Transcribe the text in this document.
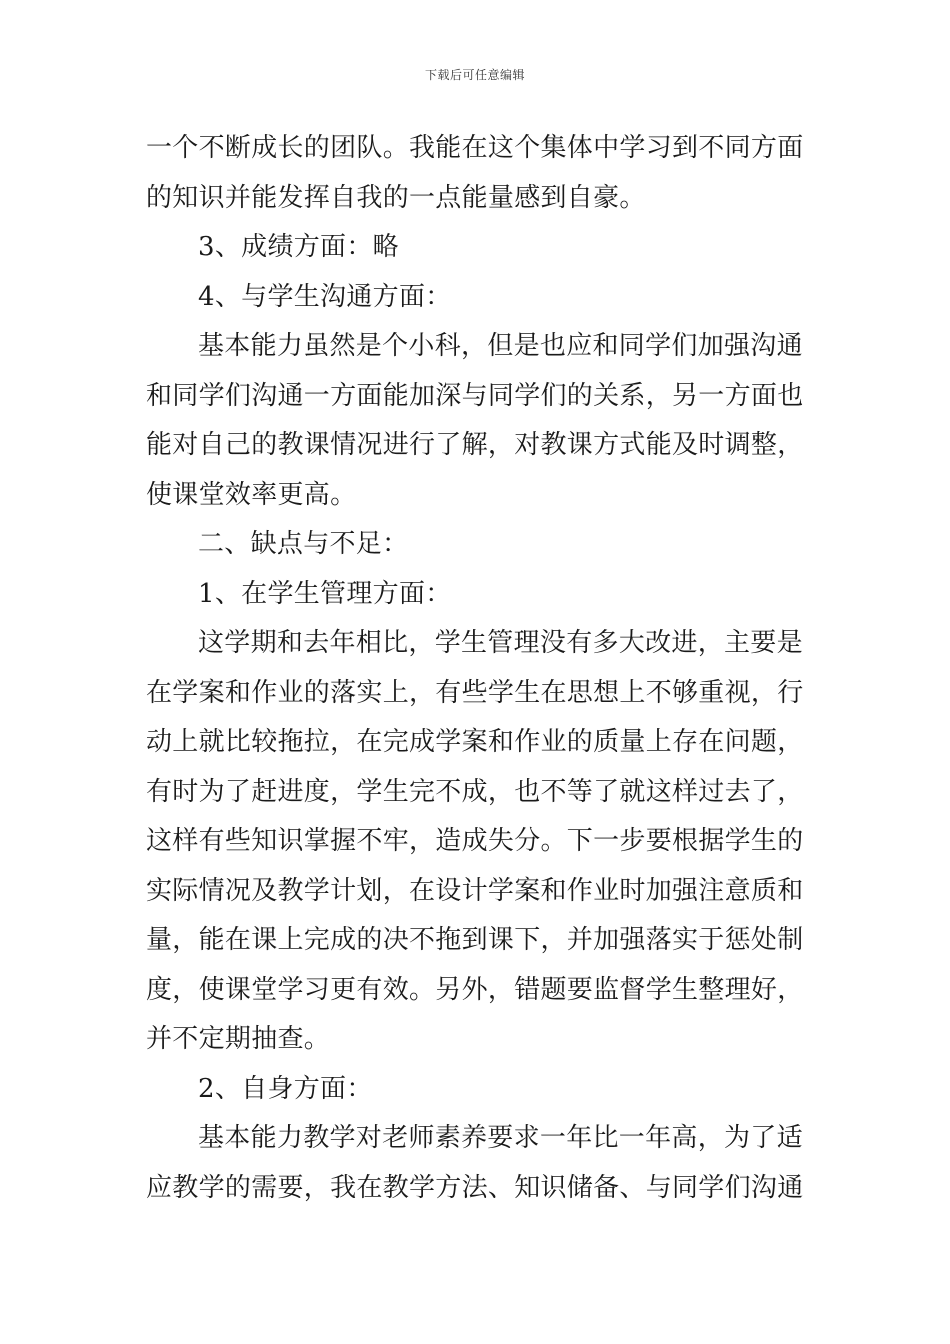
下载后可任意编辑
一个不断成长的团队。我能在这个集体中学习到不同方面
的知识并能发挥自我的一点能量感到自豪。
3、成绩方面：略
4、与学生沟通方面：
基本能力虽然是个小科，但是也应和同学们加强沟通
和同学们沟通一方面能加深与同学们的关系，另一方面也
能对自己的教课情况进行了解，对教课方式能及时调整，
使课堂效率更高。
二、缺点与不足：
1、在学生管理方面：
这学期和去年相比，学生管理没有多大改进，主要是
在学案和作业的落实上，有些学生在思想上不够重视，行
动上就比较拖拉，在完成学案和作业的质量上存在问题，
有时为了赶进度，学生完不成，也不等了就这样过去了，
这样有些知识掌握不牢，造成失分。下一步要根据学生的
实际情况及教学计划，在设计学案和作业时加强注意质和
量，能在课上完成的决不拖到课下，并加强落实于惩处制
度，使课堂学习更有效。另外，错题要监督学生整理好，
并不定期抽查。
2、自身方面：
基本能力教学对老师素养要求一年比一年高，为了适
应教学的需要，我在教学方法、知识储备、与同学们沟通
